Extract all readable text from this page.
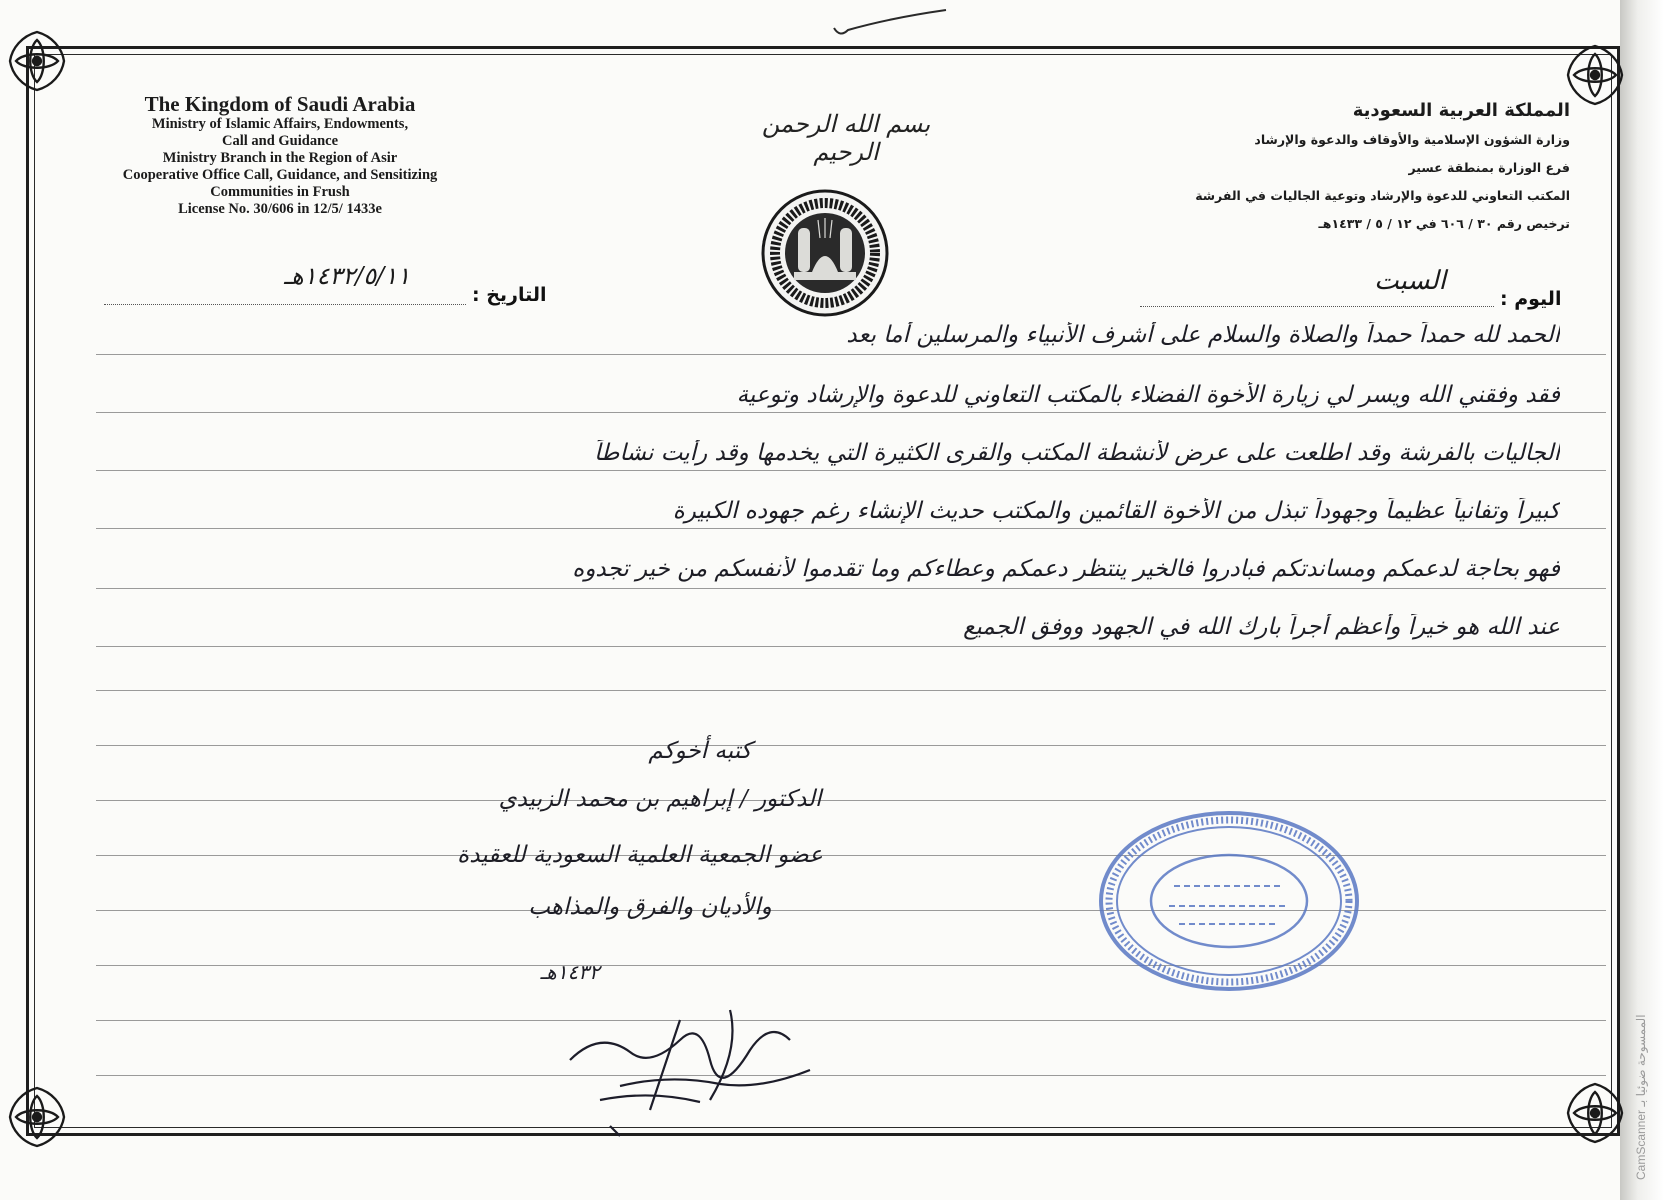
The Kingdom of Saudi Arabia
Ministry of Islamic Affairs, Endowments,
Call and Guidance
Ministry Branch in the Region of Asir
Cooperative Office Call, Guidance, and Sensitizing
Communities in Frush
License No. 30/606 in 12/5/ 1433e
المملكة العربية السعودية
وزارة الشؤون الإسلامية والأوقاف والدعوة والإرشاد
فرع الوزارة بمنطقة عسير
المكتب التعاوني للدعوة والإرشاد وتوعية الجاليات في الفرشة
ترخيص رقم ٣٠ / ٦٠٦ في ١٢ / ٥ / ١٤٣٣هـ
بسم الله الرحمن الرحيم
التاريخ :
١٤٣٢/٥/١١هـ
اليوم :
السبت
الحمد لله حمداً حمداً والصلاة والسلام على أشرف الأنبياء والمرسلين أما بعد
فقد وفقني الله ويسر لي زيارة الأخوة الفضلاء بالمكتب التعاوني للدعوة والإرشاد وتوعية
الجاليات بالفرشة وقد اطلعت على عرض لأنشطة المكتب والقرى الكثيرة التي يخدمها وقد رأيت نشاطاً
كبيراً وتفانياً عظيماً وجهوداً تبذل من الأخوة القائمين والمكتب حديث الإنشاء رغم جهوده الكبيرة
فهو بحاجة لدعمكم ومساندتكم فبادروا فالخير ينتظر دعمكم وعطاءكم وما تقدموا لأنفسكم من خير تجدوه
عند الله هو خيراً وأعظم أجراً بارك الله في الجهود ووفق الجميع
كتبه أخوكم
الدكتور / إبراهيم بن محمد الزبيدي
عضو الجمعية العلمية السعودية للعقيدة
والأديان والفرق والمذاهب
١٤٣٢هـ
CamScanner الممسوحة ضوئيا بـ
